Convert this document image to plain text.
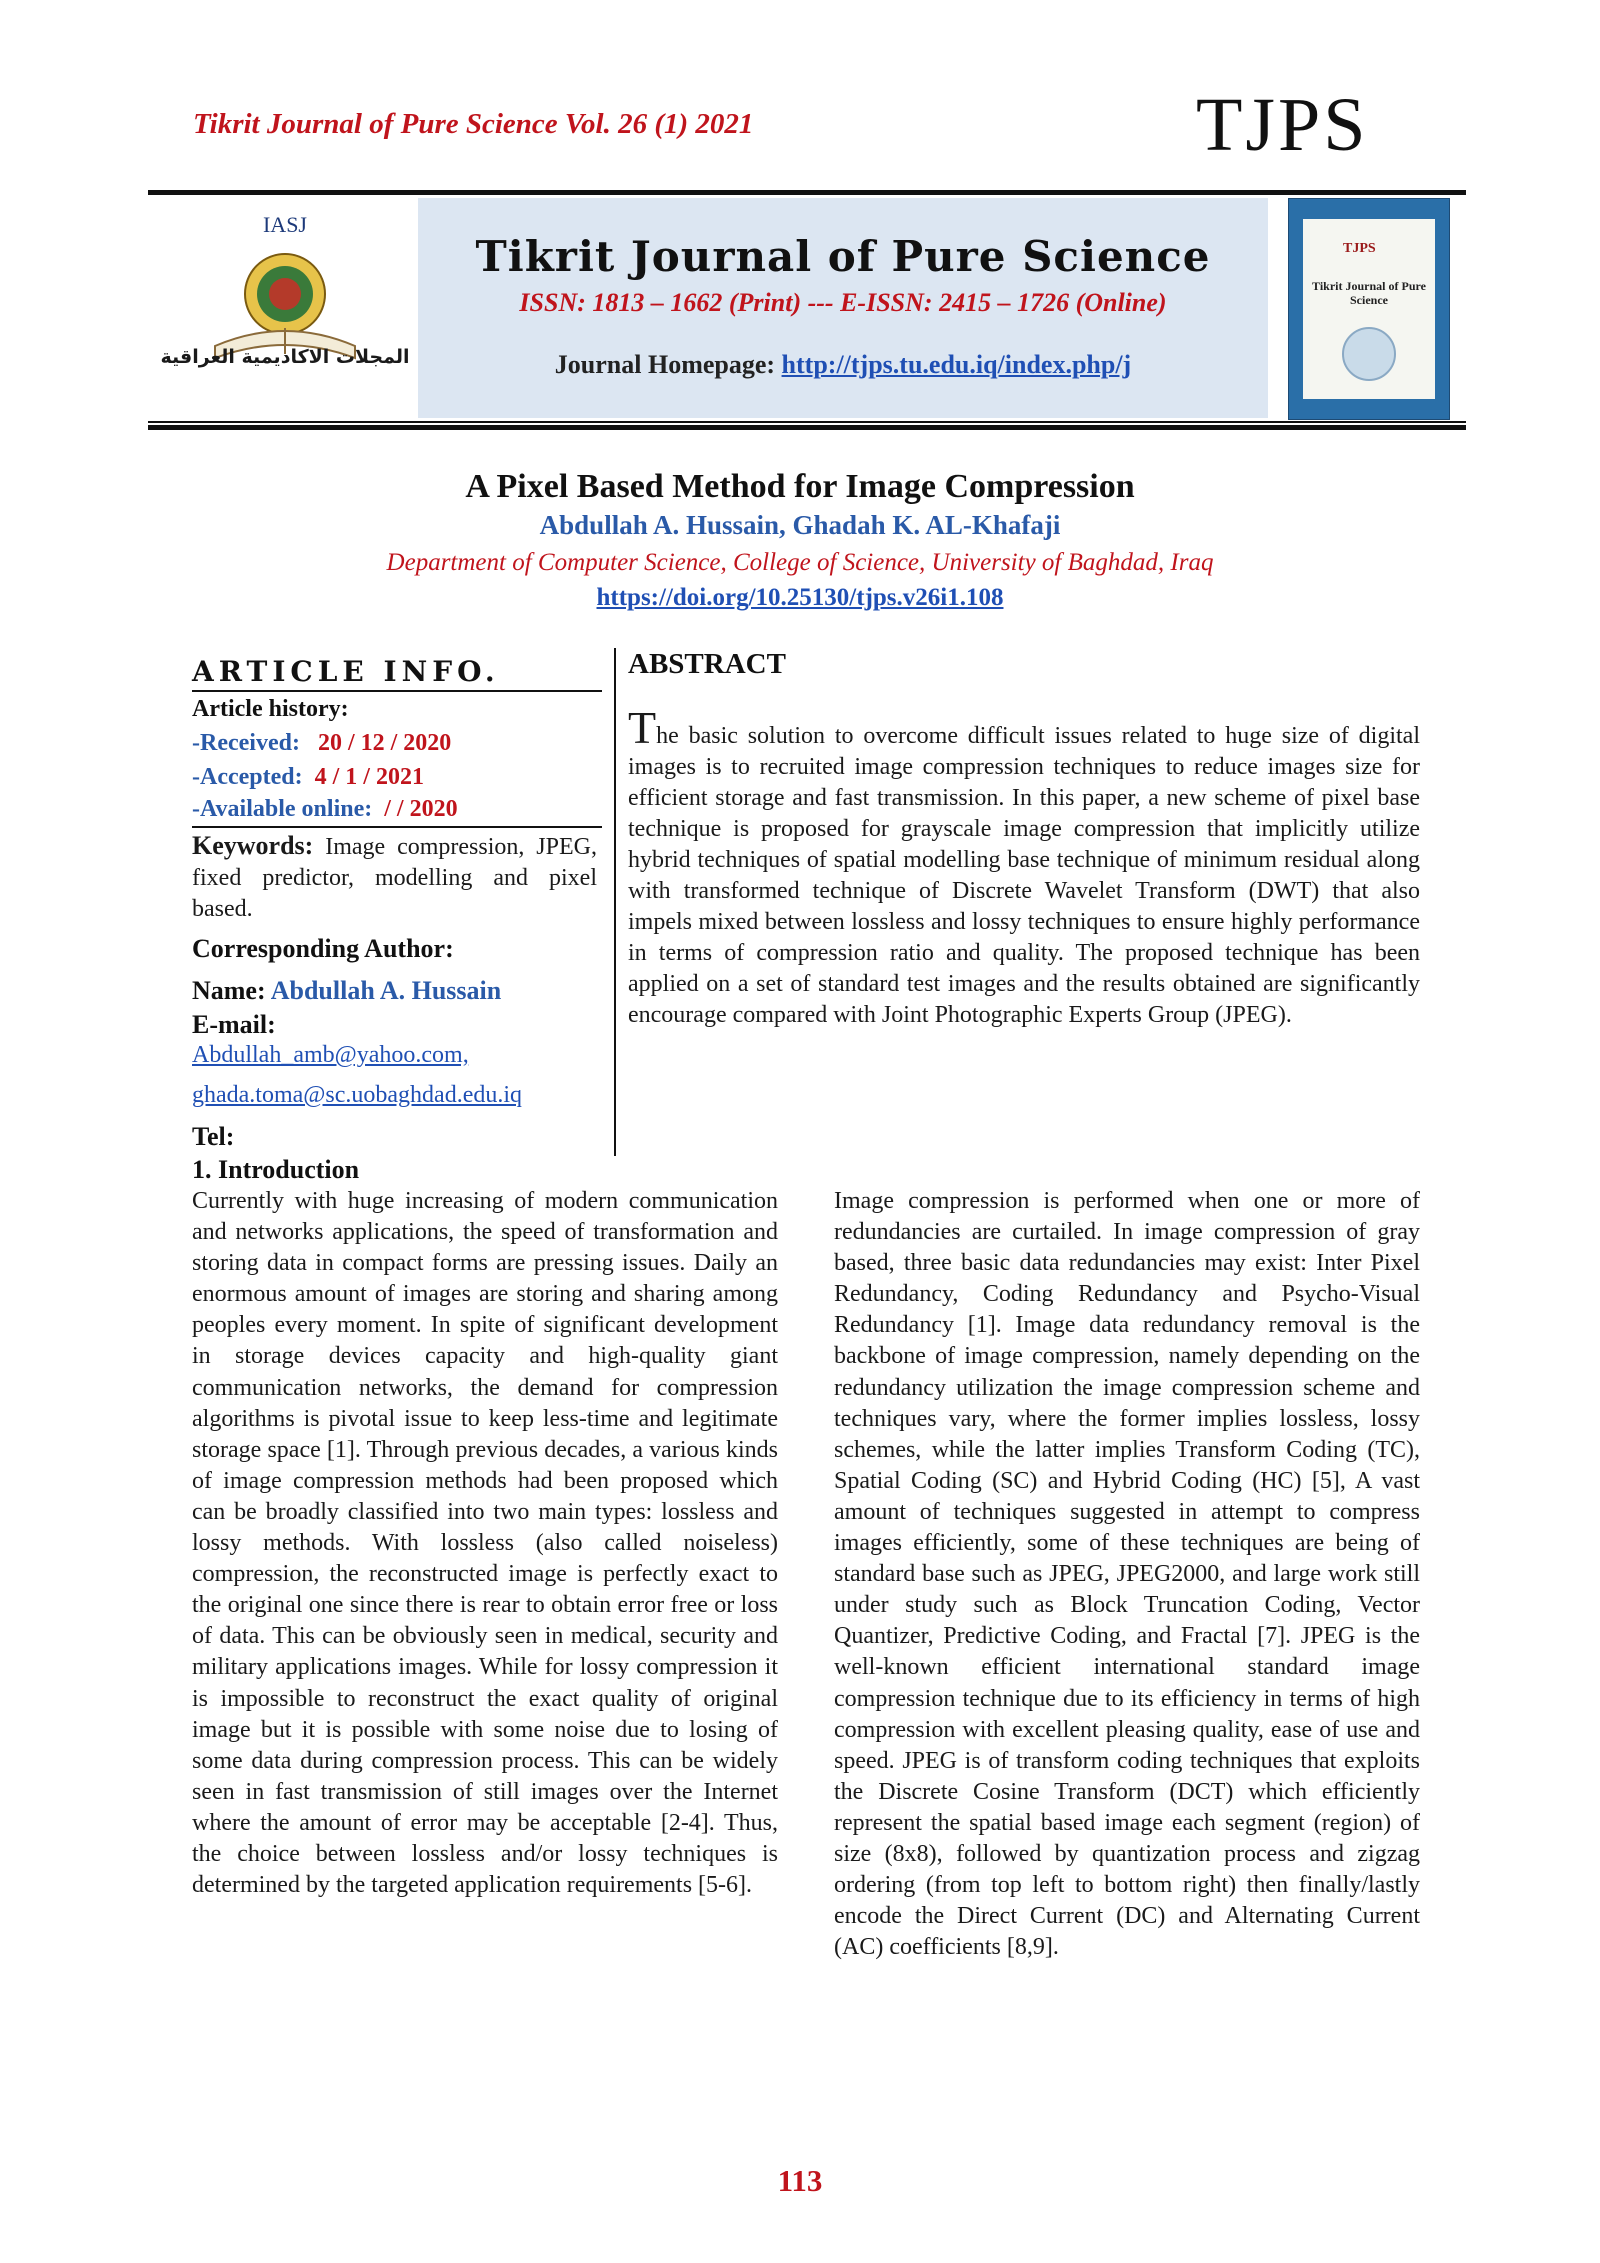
Tikrit Journal of Pure Science Vol. 26 (1) 2021	TJPS
IASJ
المجلات الاكاديمية العراقية
Tikrit Journal of Pure Science
ISSN: 1813 – 1662 (Print) --- E-ISSN: 2415 – 1726 (Online)
Journal Homepage: http://tjps.tu.edu.iq/index.php/j
TJPS
Tikrit Journal of Pure Science
A Pixel Based Method for Image Compression
Abdullah A. Hussain, Ghadah K. AL-Khafaji
Department of Computer Science, College of Science, University of Baghdad, Iraq
https://doi.org/10.25130/tjps.v26i1.108
ARTICLE INFO.
Article history:
-Received: 20 / 12 / 2020
-Accepted: 4 / 1 / 2021
-Available online: / / 2020
Keywords: Image compression, JPEG, fixed predictor, modelling and pixel based.
Corresponding Author:
Name: Abdullah A. Hussain
E-mail:
Abdullah_amb@yahoo.com,
ghada.toma@sc.uobaghdad.edu.iq
Tel:
ABSTRACT
The basic solution to overcome difficult issues related to huge size of digital images is to recruited image compression techniques to reduce images size for efficient storage and fast transmission. In this paper, a new scheme of pixel base technique is proposed for grayscale image compression that implicitly utilize hybrid techniques of spatial modelling base technique of minimum residual along with transformed technique of Discrete Wavelet Transform (DWT) that also impels mixed between lossless and lossy techniques to ensure highly performance in terms of compression ratio and quality. The proposed technique has been applied on a set of standard test images and the results obtained are significantly encourage compared with Joint Photographic Experts Group (JPEG).
1. Introduction
Currently with huge increasing of modern communication and networks applications, the speed of transformation and storing data in compact forms are pressing issues. Daily an enormous amount of images are storing and sharing among peoples every moment. In spite of significant development in storage devices capacity and high-quality giant communication networks, the demand for compression algorithms is pivotal issue to keep less-time and legitimate storage space [1]. Through previous decades, a various kinds of image compression methods had been proposed which can be broadly classified into two main types: lossless and lossy methods. With lossless (also called noiseless) compression, the reconstructed image is perfectly exact to the original one since there is rear to obtain error free or loss of data. This can be obviously seen in medical, security and military applications images. While for lossy compression it is impossible to reconstruct the exact quality of original image but it is possible with some noise due to losing of some data during compression process. This can be widely seen in fast transmission of still images over the Internet where the amount of error may be acceptable [2-4]. Thus, the choice between lossless and/or lossy techniques is determined by the targeted application requirements [5-6].
Image compression is performed when one or more of redundancies are curtailed. In image compression of gray based, three basic data redundancies may exist: Inter Pixel Redundancy, Coding Redundancy and Psycho-Visual Redundancy [1]. Image data redundancy removal is the backbone of image compression, namely depending on the redundancy utilization the image compression scheme and techniques vary, where the former implies lossless, lossy schemes, while the latter implies Transform Coding (TC), Spatial Coding (SC) and Hybrid Coding (HC) [5], A vast amount of techniques suggested in attempt to compress images efficiently, some of these techniques are being of standard base such as JPEG, JPEG2000, and large work still under study such as Block Truncation Coding, Vector Quantizer, Predictive Coding, and Fractal [7]. JPEG is the well-known efficient international standard image compression technique due to its efficiency in terms of high compression with excellent pleasing quality, ease of use and speed. JPEG is of transform coding techniques that exploits the Discrete Cosine Transform (DCT) which efficiently represent the spatial based image each segment (region) of size (8x8), followed by quantization process and zigzag ordering (from top left to bottom right) then finally/lastly encode the Direct Current (DC) and Alternating Current (AC) coefficients [8,9].
113
